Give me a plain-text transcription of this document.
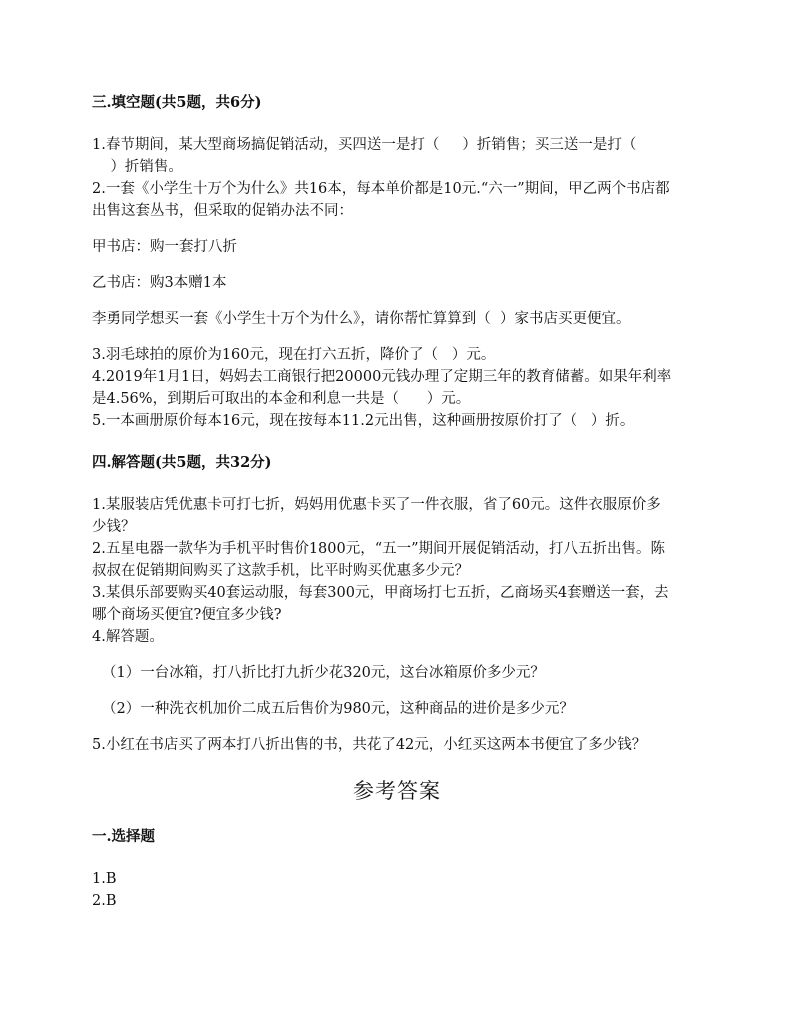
三.填空题(共5题，共6分)

1.春节期间，某大型商场搞促销活动，买四送一是打（     ）折销售；买三送一是打（

）折销售。

2.一套《小学生十万个为什么》共16本，每本单价都是10元.“六一”期间，甲乙两个书店都

出售这套丛书，但采取的促销办法不同：

甲书店：购一套打八折

乙书店：购3本赠1本

李勇同学想买一套《小学生十万个为什么》，请你帮忙算算到（  ）家书店买更便宜。

3.羽毛球拍的原价为160元，现在打六五折，降价了（   ）元。

4.2019年1月1日，妈妈去工商银行把20000元钱办理了定期三年的教育储蓄。如果年利率

是4.56%，到期后可取出的本金和利息一共是（      ）元。

5.一本画册原价每本16元，现在按每本11.2元出售，这种画册按原价打了（   ）折。

四.解答题(共5题，共32分)

1.某服装店凭优惠卡可打七折，妈妈用优惠卡买了一件衣服，省了60元。这件衣服原价多

少钱？

2.五星电器一款华为手机平时售价1800元，“五一”期间开展促销活动，打八五折出售。陈

叔叔在促销期间购买了这款手机，比平时购买优惠多少元？

3.某俱乐部要购买40套运动服，每套300元，甲商场打七五折，乙商场买4套赠送一套，去

哪个商场买便宜?便宜多少钱?

4.解答题。

（1）一台冰箱，打八折比打九折少花320元，这台冰箱原价多少元？

（2）一种洗衣机加价二成五后售价为980元，这种商品的进价是多少元？

5.小红在书店买了两本打八折出售的书，共花了42元，小红买这两本书便宜了多少钱？

参考答案

一.选择题

1.B

2.B
